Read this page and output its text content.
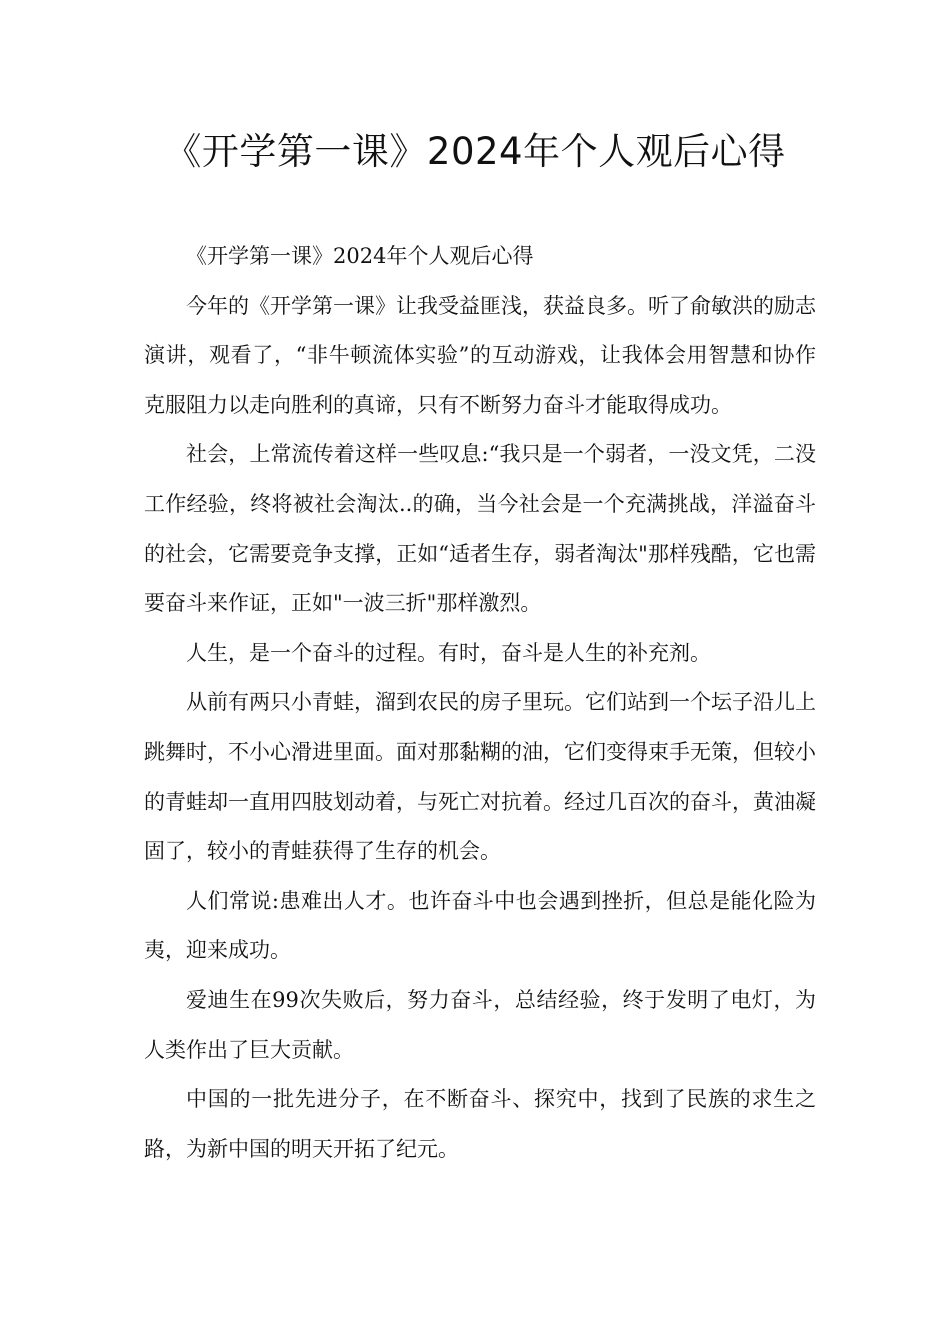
《开学第一课》2024年个人观后心得

《开学第一课》2024年个人观后心得

今年的《开学第一课》让我受益匪浅，获益良多。听了俞敏洪的励志演讲，观看了，“非牛顿流体实验”的互动游戏，让我体会用智慧和协作克服阻力以走向胜利的真谛，只有不断努力奋斗才能取得成功。

社会，上常流传着这样一些叹息:“我只是一个弱者，一没文凭，二没工作经验，终将被社会淘汰..的确，当今社会是一个充满挑战，洋溢奋斗的社会，它需要竞争支撑，正如“适者生存，弱者淘汰"那样残酷，它也需要奋斗来作证，正如"一波三折"那样激烈。

人生，是一个奋斗的过程。有时，奋斗是人生的补充剂。

从前有两只小青蛙，溜到农民的房子里玩。它们站到一个坛子沿儿上跳舞时，不小心滑进里面。面对那黏糊的油，它们变得束手无策，但较小的青蛙却一直用四肢划动着，与死亡对抗着。经过几百次的奋斗，黄油凝固了，较小的青蛙获得了生存的机会。

人们常说:患难出人才。也许奋斗中也会遇到挫折，但总是能化险为夷，迎来成功。

爱迪生在99次失败后，努力奋斗，总结经验，终于发明了电灯，为人类作出了巨大贡献。

中国的一批先进分子，在不断奋斗、探究中，找到了民族的求生之路，为新中国的明天开拓了纪元。
